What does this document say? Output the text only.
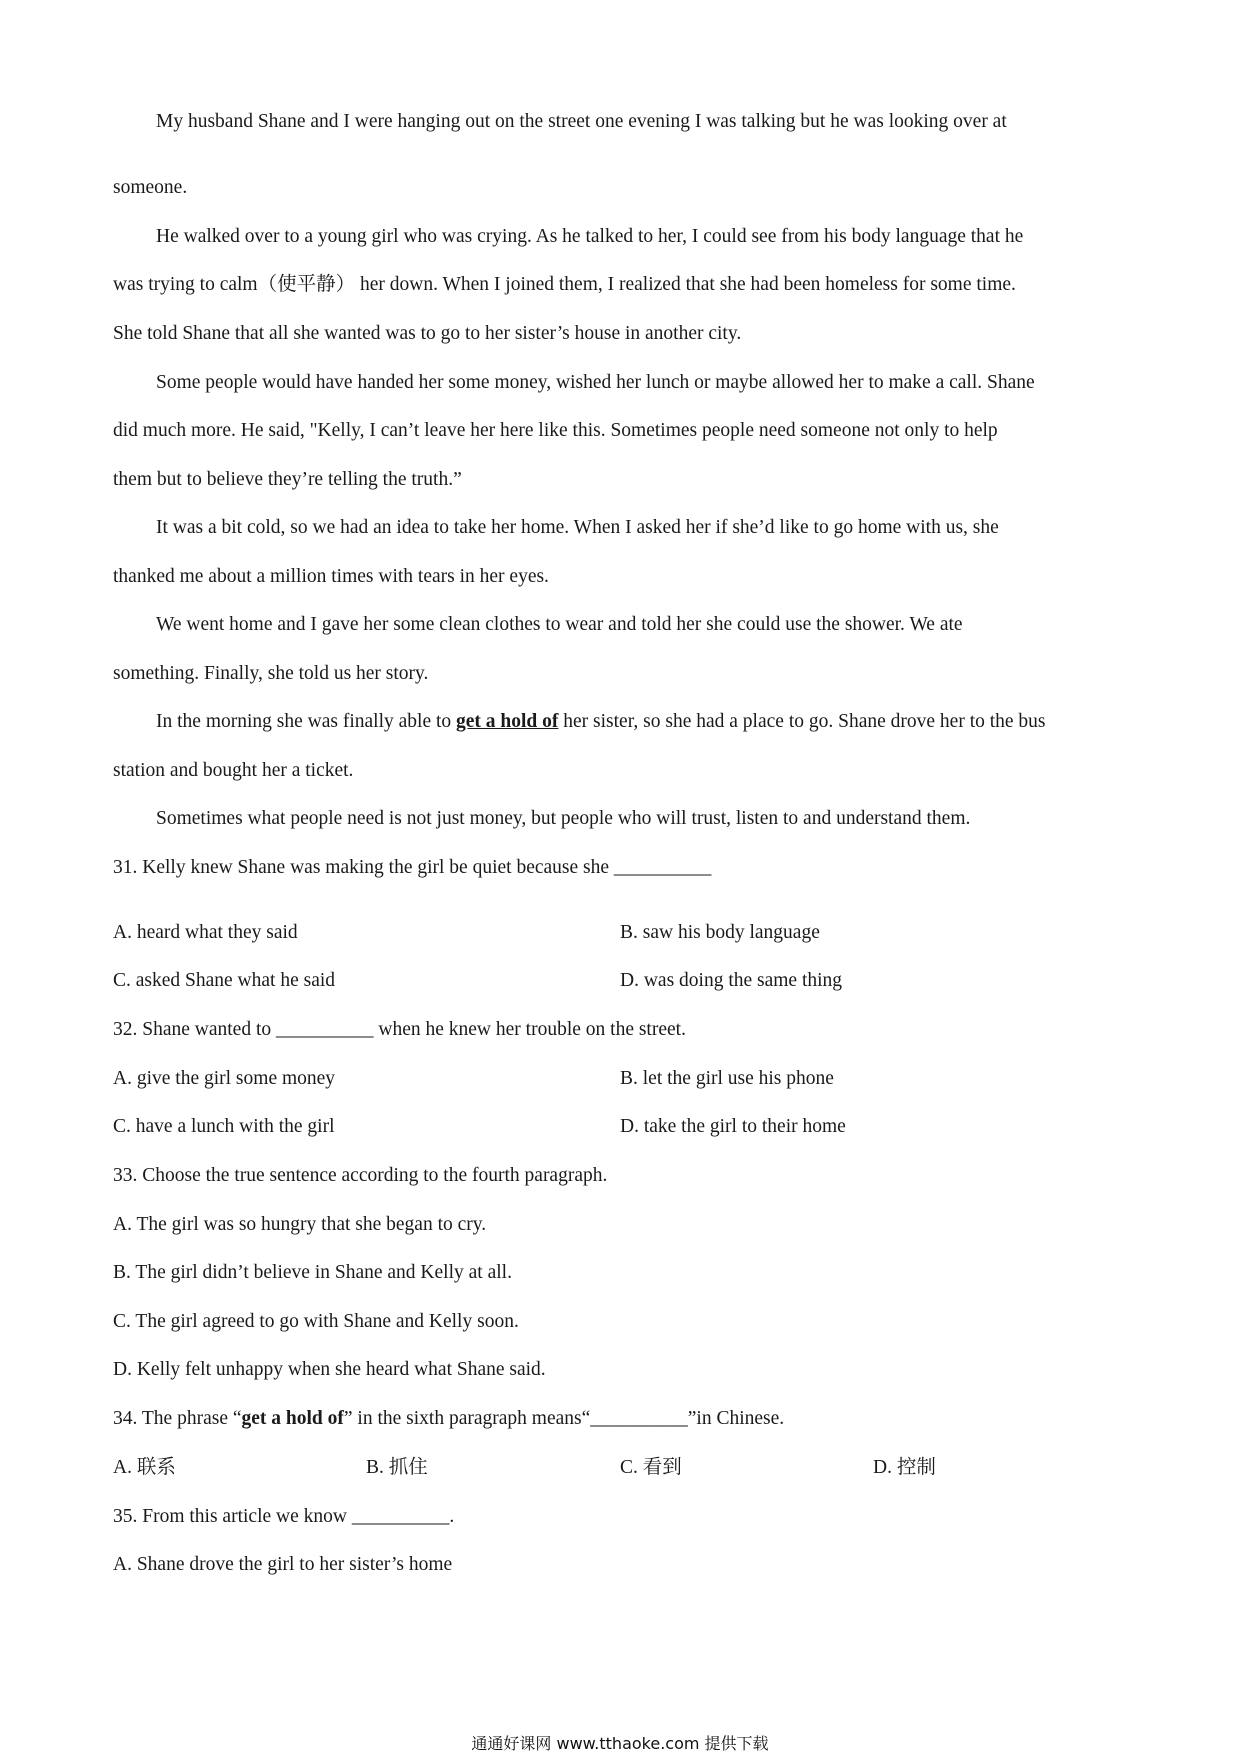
My husband Shane and I were hanging out on the street one evening I was talking but he was looking over at
someone.
He walked over to a young girl who was crying. As he talked to her, I could see from his body language that he
was trying to calm（使平静） her down. When I joined them, I realized that she had been homeless for some time.
She told Shane that all she wanted was to go to her sister’s house in another city.
Some people would have handed her some money, wished her lunch or maybe allowed her to make a call. Shane
did much more. He said, "Kelly, I can’t leave her here like this. Sometimes people need someone not only to help
them but to believe they’re telling the truth.”
It was a bit cold, so we had an idea to take her home. When I asked her if she’d like to go home with us, she
thanked me about a million times with tears in her eyes.
We went home and I gave her some clean clothes to wear and told her she could use the shower. We ate
something. Finally, she told us her story.
In the morning she was finally able to get a hold of her sister, so she had a place to go. Shane drove her to the bus
station and bought her a ticket.
Sometimes what people need is not just money, but people who will trust, listen to and understand them.
31. Kelly knew Shane was making the girl be quiet because she __________
A. heard what they said	B. saw his body language
C. asked Shane what he said	D. was doing the same thing
32. Shane wanted to __________ when he knew her trouble on the street.
A. give the girl some money	B. let the girl use his phone
C. have a lunch with the girl	D. take the girl to their home
33. Choose the true sentence according to the fourth paragraph.
A. The girl was so hungry that she began to cry.
B. The girl didn’t believe in Shane and Kelly at all.
C. The girl agreed to go with Shane and Kelly soon.
D. Kelly felt unhappy when she heard what Shane said.
34. The phrase “get a hold of” in the sixth paragraph means“__________”in Chinese.
A. 联系	B. 抓住	C. 看到	D. 控制
35. From this article we know __________.
A. Shane drove the girl to her sister’s home
通通好课网 www.tthaoke.com 提供下载
